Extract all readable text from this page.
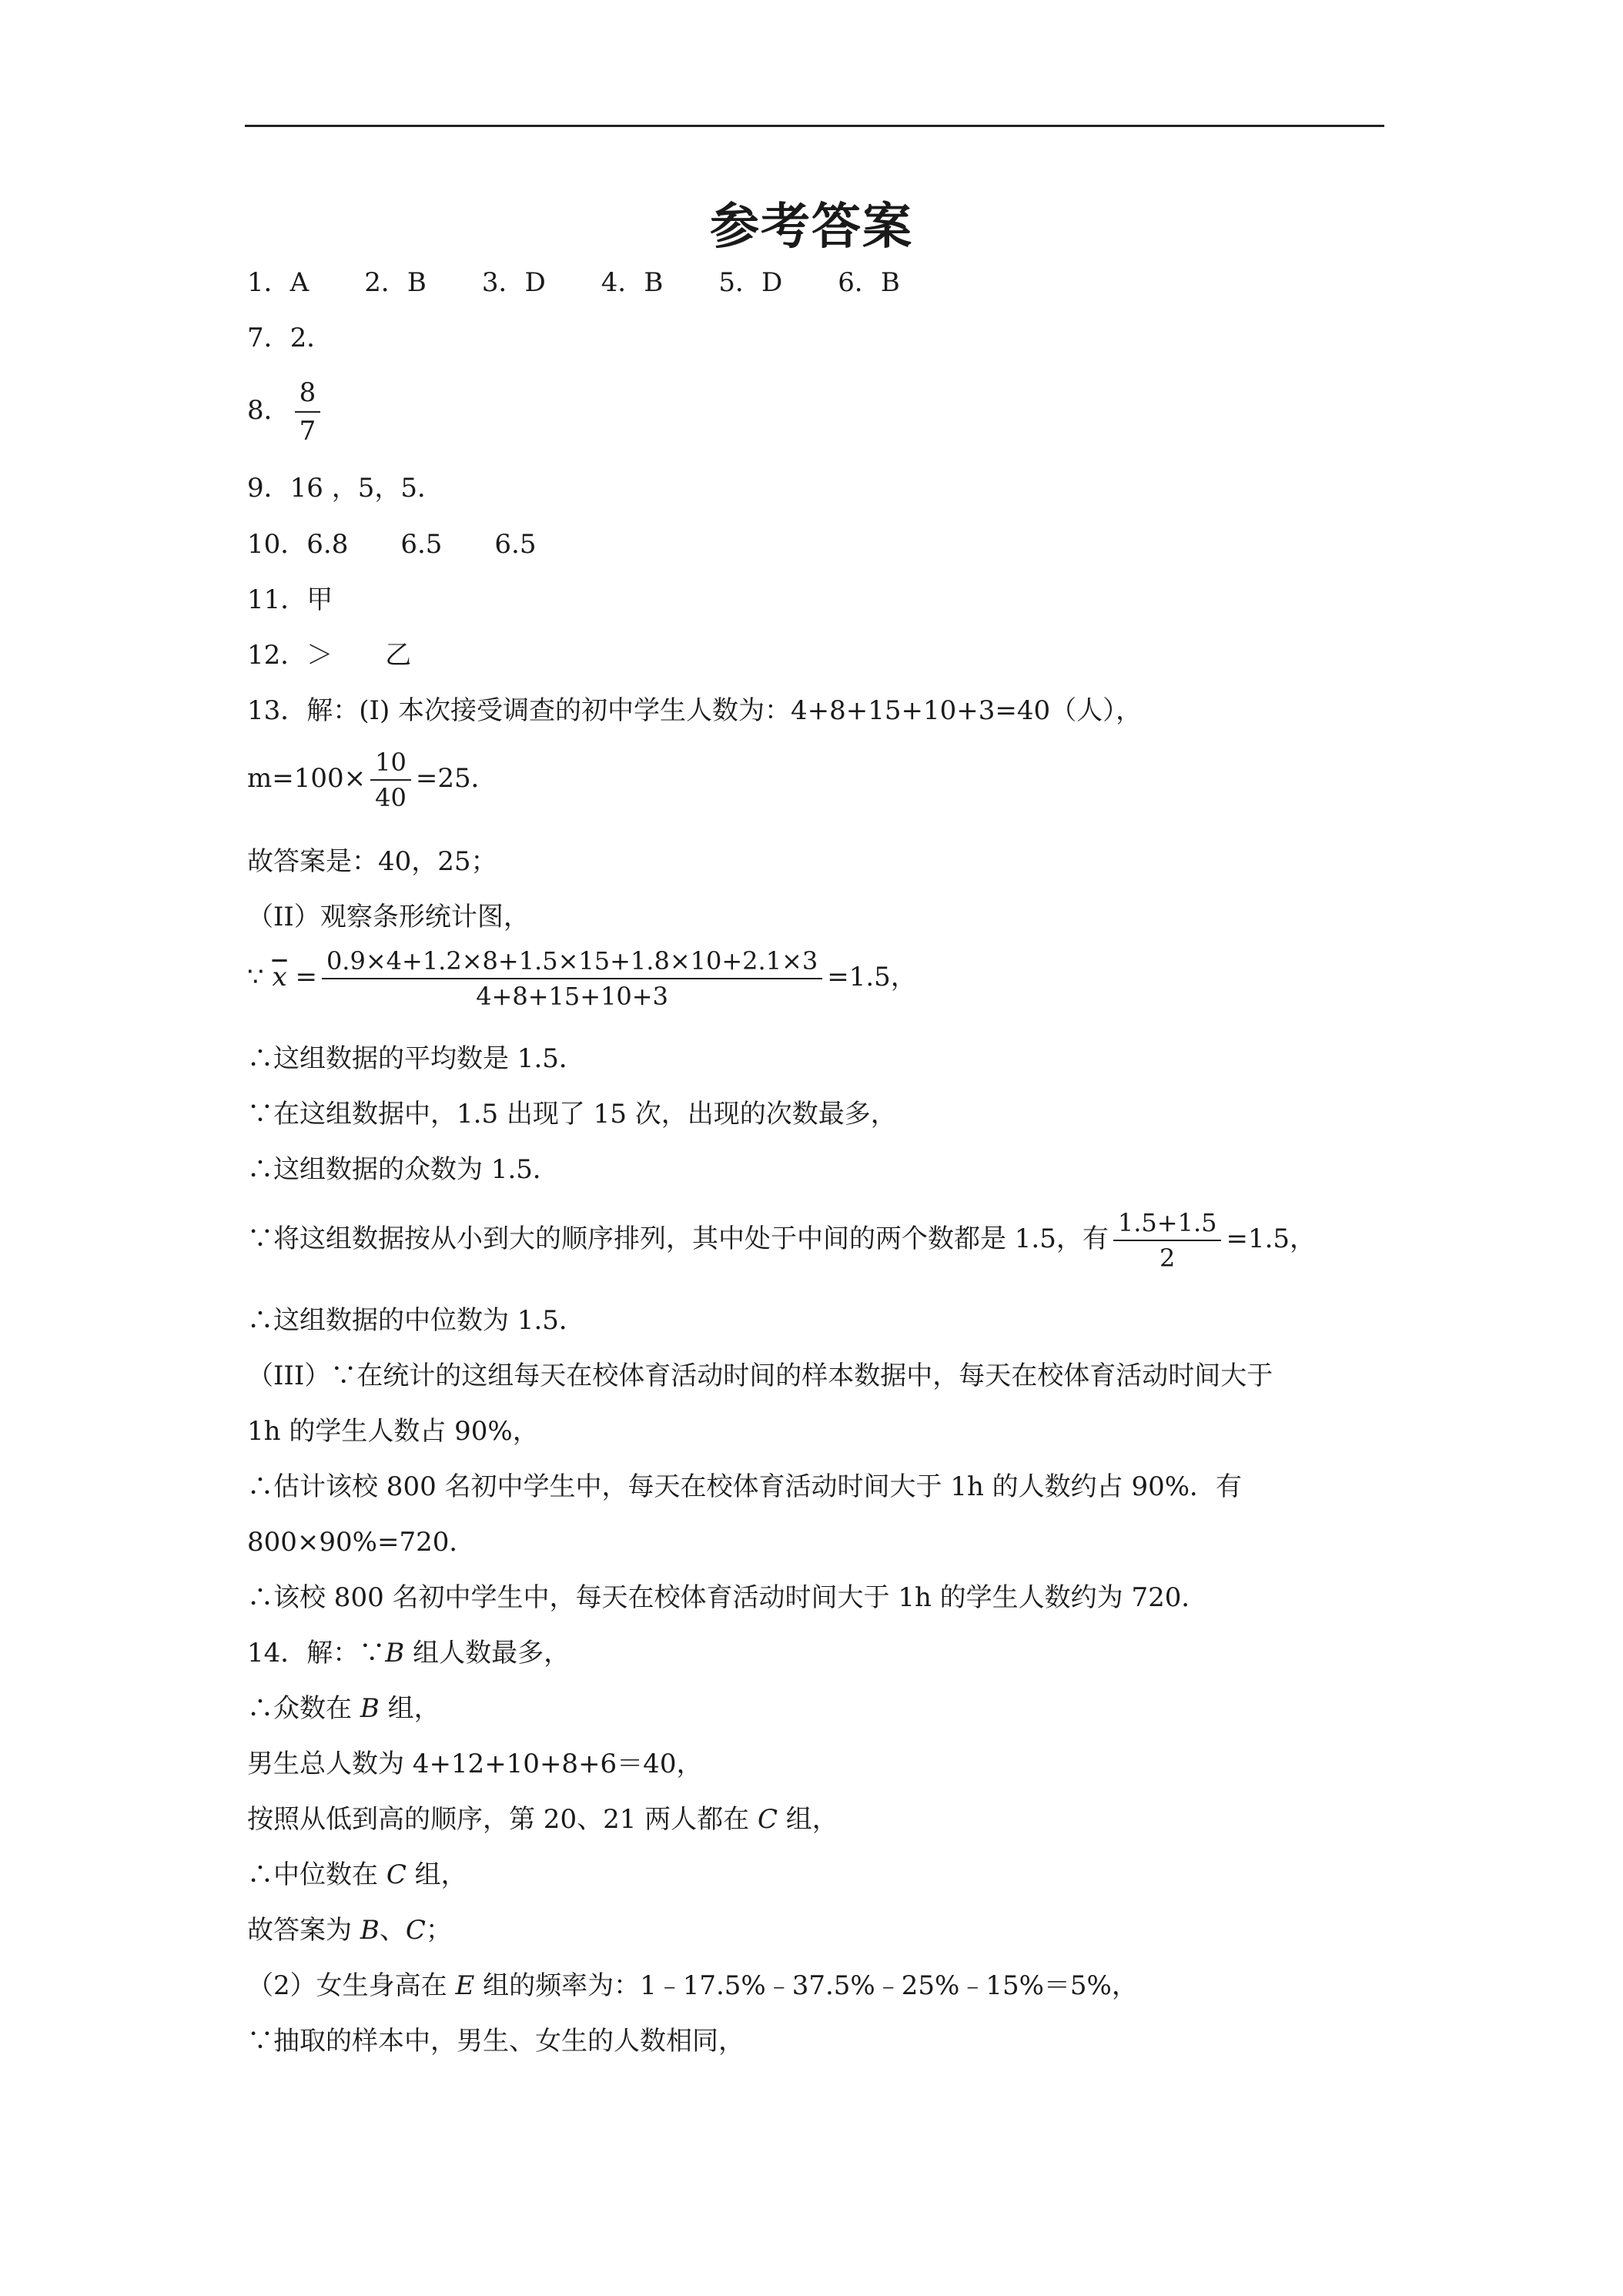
参考答案
1．A 2．B 3．D 4．B 5．D 6．B
7．2．
8． $\frac{8}{7}$
9．16 ，5，5．
10．6.8 6.5 6.5
11．甲
12．＞ 乙
13．解：(I) 本次接受调查的初中学生人数为：4+8+15+10+3=40（人），
$m=100\times \frac{10}{40} =25$．
故答案是：40，25；
（II）观察条形统计图，
∵ $\overline{x} = \frac{0.9\times 4+1.2\times 8+1.5\times 15+1.8\times 10+2.1\times 3}{4+8+15+10+3} =1.5$，
∴这组数据的平均数是 1.5．
∵在这组数据中，1.5 出现了 15 次，出现的次数最多，
∴这组数据的众数为 1.5．
∵将这组数据按从小到大的顺序排列，其中处于中间的两个数都是 1.5，有 $\frac{1.5+1.5}{2} =1.5$，
∴这组数据的中位数为 1.5．
（III）∵在统计的这组每天在校体育活动时间的样本数据中，每天在校体育活动时间大于
1h 的学生人数占 90%，
∴估计该校 800 名初中学生中，每天在校体育活动时间大于 1h 的人数约占 90%．有
800×90%=720．
∴该校 800 名初中学生中，每天在校体育活动时间大于 1h 的学生人数约为 720．
14．解：∵B 组人数最多，
∴众数在 B 组，
男生总人数为 4+12+10+8+6＝40，
按照从低到高的顺序，第 20、21 两人都在 C 组，
∴中位数在 C 组，
故答案为 B、C；
（2）女生身高在 E 组的频率为：1﹣17.5%﹣37.5%﹣25%﹣15%＝5%，
∵抽取的样本中，男生、女生的人数相同，
